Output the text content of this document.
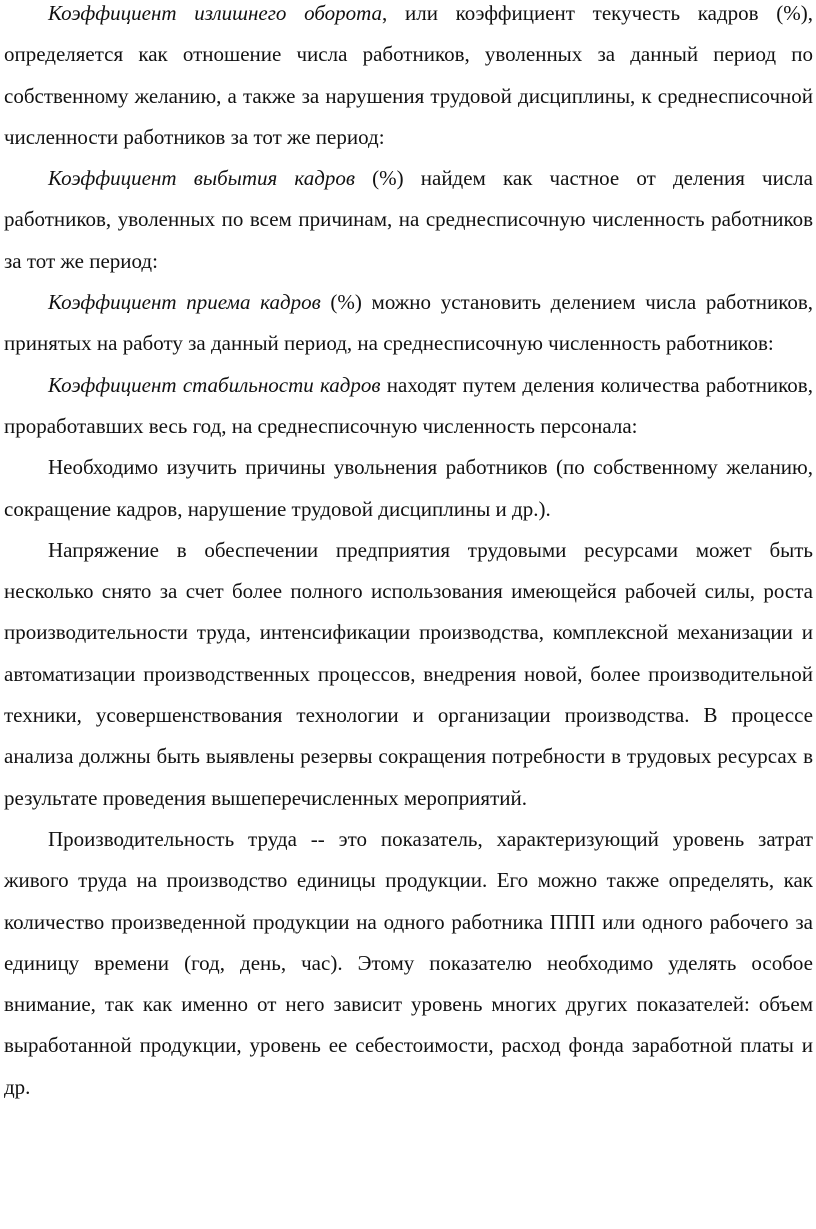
Коэффициент излишнего оборота, или коэффициент текучесть кадров (%), определяется как отношение числа работников, уволенных за данный период по собственному желанию, а также за нарушения трудовой дисциплины, к среднесписочной численности работников за тот же период:

Коэффициент выбытия кадров (%) найдем как частное от деления числа работников, уволенных по всем причинам, на среднесписочную численность работников за тот же период:

Коэффициент приема кадров (%) можно установить делением числа работников, принятых на работу за данный период, на среднесписочную численность работников:

Коэффициент стабильности кадров находят путем деления количества работников, проработавших весь год, на среднесписочную численность персонала:

Необходимо изучить причины увольнения работников (по собственному желанию, сокращение кадров, нарушение трудовой дисциплины и др.).

Напряжение в обеспечении предприятия трудовыми ресурсами может быть несколько снято за счет более полного использования имеющейся рабочей силы, роста производительности труда, интенсификации производства, комплексной механизации и автоматизации производственных процессов, внедрения новой, более производительной техники, усовершенствования технологии и организации производства. В процессе анализа должны быть выявлены резервы сокращения потребности в трудовых ресурсах в результате проведения вышеперечисленных мероприятий.

Производительность труда -- это показатель, характеризующий уровень затрат живого труда на производство единицы продукции. Его можно также определять, как количество произведенной продукции на одного работника ППП или одного рабочего за единицу времени (год, день, час). Этому показателю необходимо уделять особое внимание, так как именно от него зависит уровень многих других показателей: объем выработанной продукции, уровень ее себестоимости, расход фонда заработной платы и др.
